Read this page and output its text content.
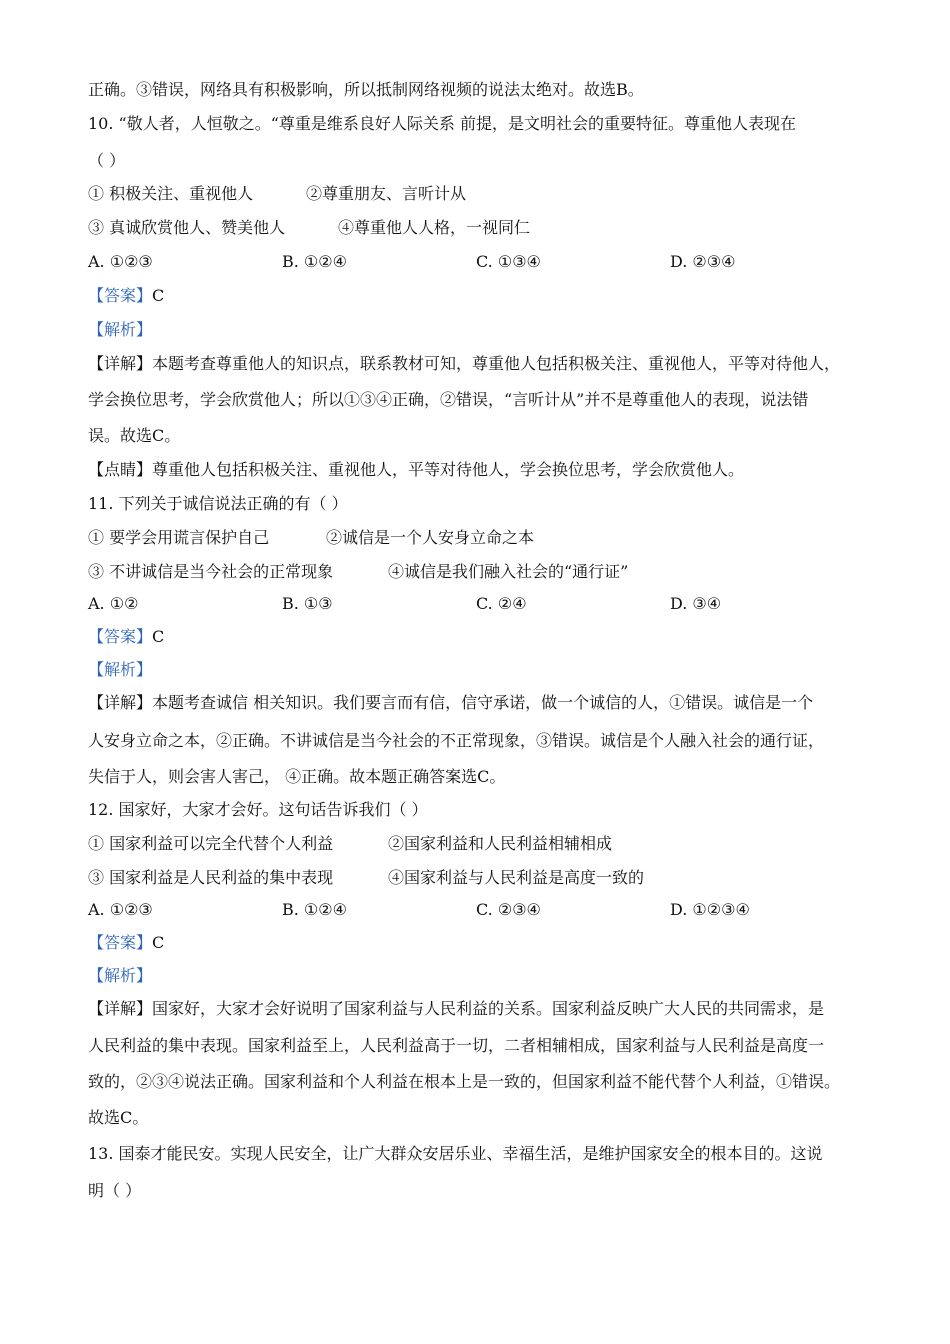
正确。③错误，网络具有积极影响，所以抵制网络视频的说法太绝对。故选B。
10. “敬人者，人恒敬之。“尊重是维系良好人际关系 前提，是文明社会的重要特征。尊重他人表现在
（ ）
① 积极关注、重视他人	②尊重朋友、言听计从
③ 真诚欣赏他人、赞美他人	④尊重他人人格，一视同仁
A. ①②③	B. ①②④	C. ①③④	D. ②③④
【答案】C
【解析】
【详解】本题考查尊重他人的知识点，联系教材可知，尊重他人包括积极关注、重视他人，平等对待他人，
学会换位思考，学会欣赏他人；所以①③④正确，②错误，“言听计从”并不是尊重他人的表现，说法错
误。故选C。
【点睛】尊重他人包括积极关注、重视他人，平等对待他人，学会换位思考，学会欣赏他人。
11. 下列关于诚信说法正确的有（ ）
① 要学会用谎言保护自己	②诚信是一个人安身立命之本
③ 不讲诚信是当今社会的正常现象	④诚信是我们融入社会的“通行证”
A. ①②	B. ①③	C. ②④	D. ③④
【答案】C
【解析】
【详解】本题考查诚信 相关知识。我们要言而有信，信守承诺，做一个诚信的人，①错误。诚信是一个
人安身立命之本，②正确。不讲诚信是当今社会的不正常现象，③错误。诚信是个人融入社会的通行证，
失信于人，则会害人害己， ④正确。故本题正确答案选C。
12. 国家好，大家才会好。这句话告诉我们（ ）
① 国家利益可以完全代替个人利益	②国家利益和人民利益相辅相成
③ 国家利益是人民利益的集中表现	④国家利益与人民利益是高度一致的
A. ①②③	B. ①②④	C. ②③④	D. ①②③④
【答案】C
【解析】
【详解】国家好，大家才会好说明了国家利益与人民利益的关系。国家利益反映广大人民的共同需求，是
人民利益的集中表现。国家利益至上，人民利益高于一切，二者相辅相成，国家利益与人民利益是高度一
致的，②③④说法正确。国家利益和个人利益在根本上是一致的，但国家利益不能代替个人利益，①错误。
故选C。
13. 国泰才能民安。实现人民安全，让广大群众安居乐业、幸福生活，是维护国家安全的根本目的。这说
明（ ）
